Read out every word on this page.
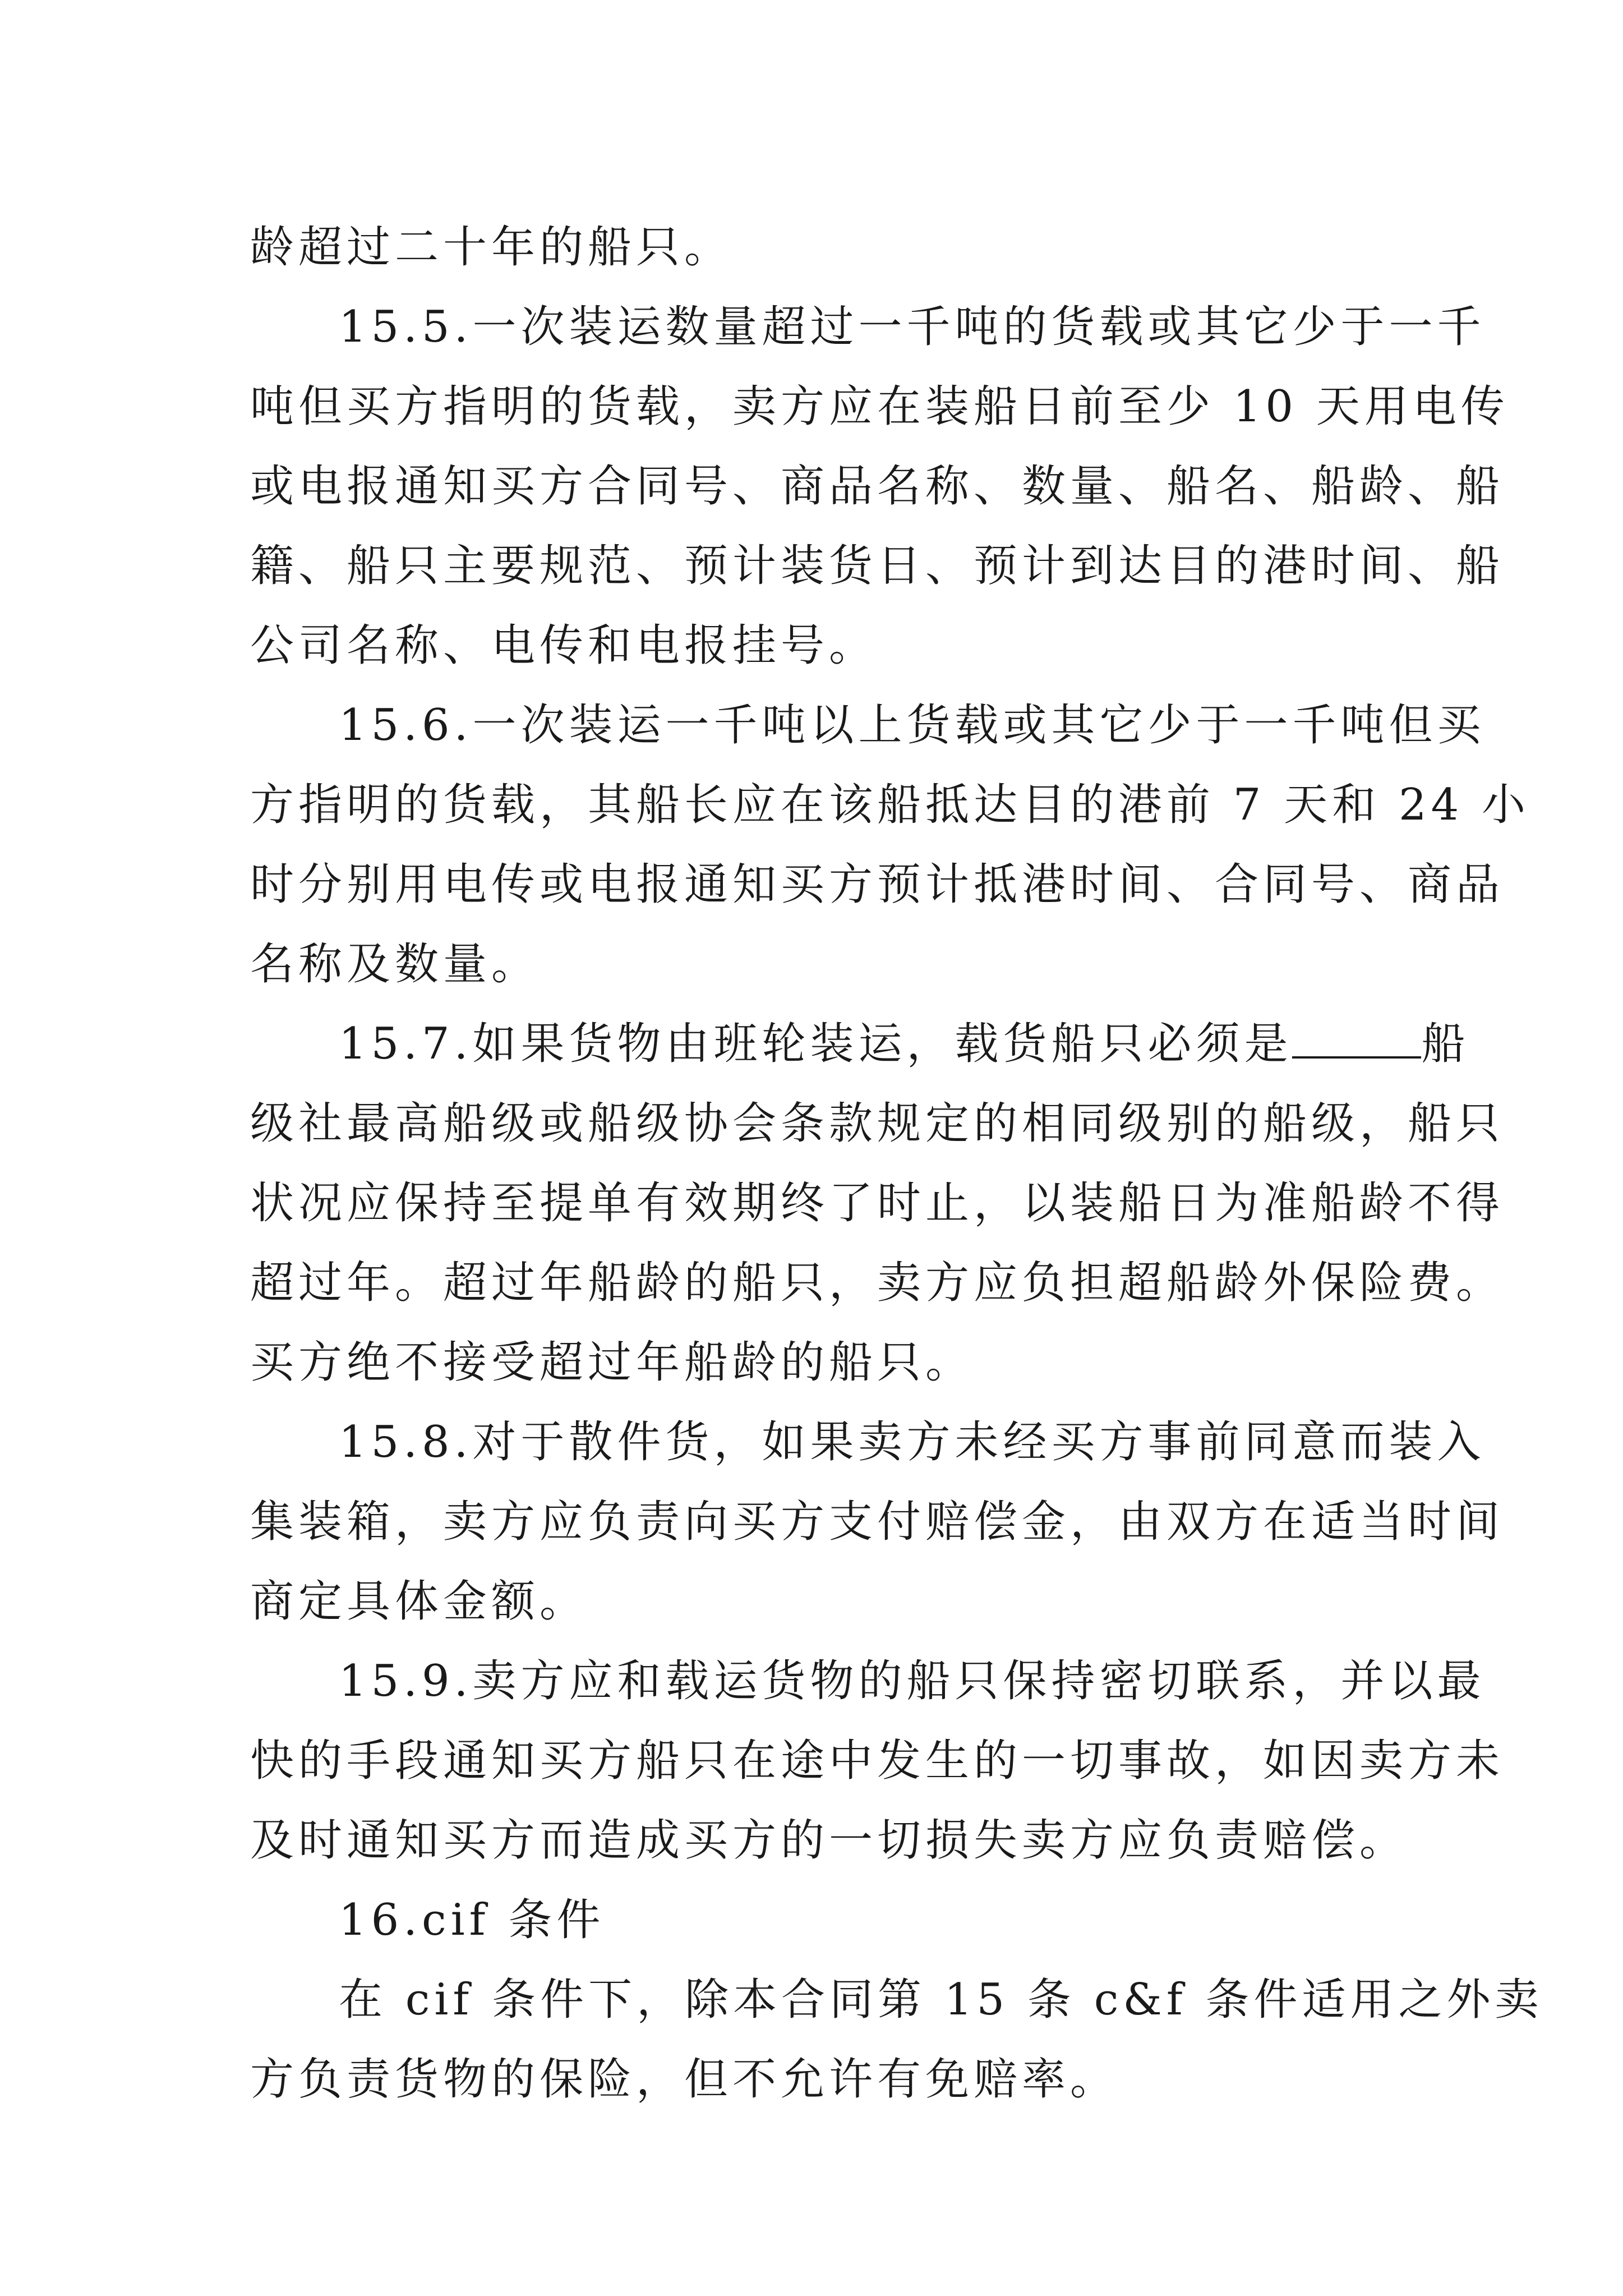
龄超过二十年的船只。
15.5.一次装运数量超过一千吨的货载或其它少于一千
吨但买方指明的货载，卖方应在装船日前至少 10 天用电传
或电报通知买方合同号、商品名称、数量、船名、船龄、船
籍、船只主要规范、预计装货日、预计到达目的港时间、船
公司名称、电传和电报挂号。
15.6.一次装运一千吨以上货载或其它少于一千吨但买
方指明的货载，其船长应在该船抵达目的港前 7 天和 24 小
时分别用电传或电报通知买方预计抵港时间、合同号、商品
名称及数量。
15.7.如果货物由班轮装运，载货船只必须是	船
级社最高船级或船级协会条款规定的相同级别的船级，船只
状况应保持至提单有效期终了时止，以装船日为准船龄不得
超过年。超过年船龄的船只，卖方应负担超船龄外保险费。
买方绝不接受超过年船龄的船只。
15.8.对于散件货，如果卖方未经买方事前同意而装入
集装箱，卖方应负责向买方支付赔偿金，由双方在适当时间
商定具体金额。
15.9.卖方应和载运货物的船只保持密切联系，并以最
快的手段通知买方船只在途中发生的一切事故，如因卖方未
及时通知买方而造成买方的一切损失卖方应负责赔偿。
16.cif 条件
在 cif 条件下，除本合同第 15 条 c&f 条件适用之外卖
方负责货物的保险，但不允许有免赔率。
